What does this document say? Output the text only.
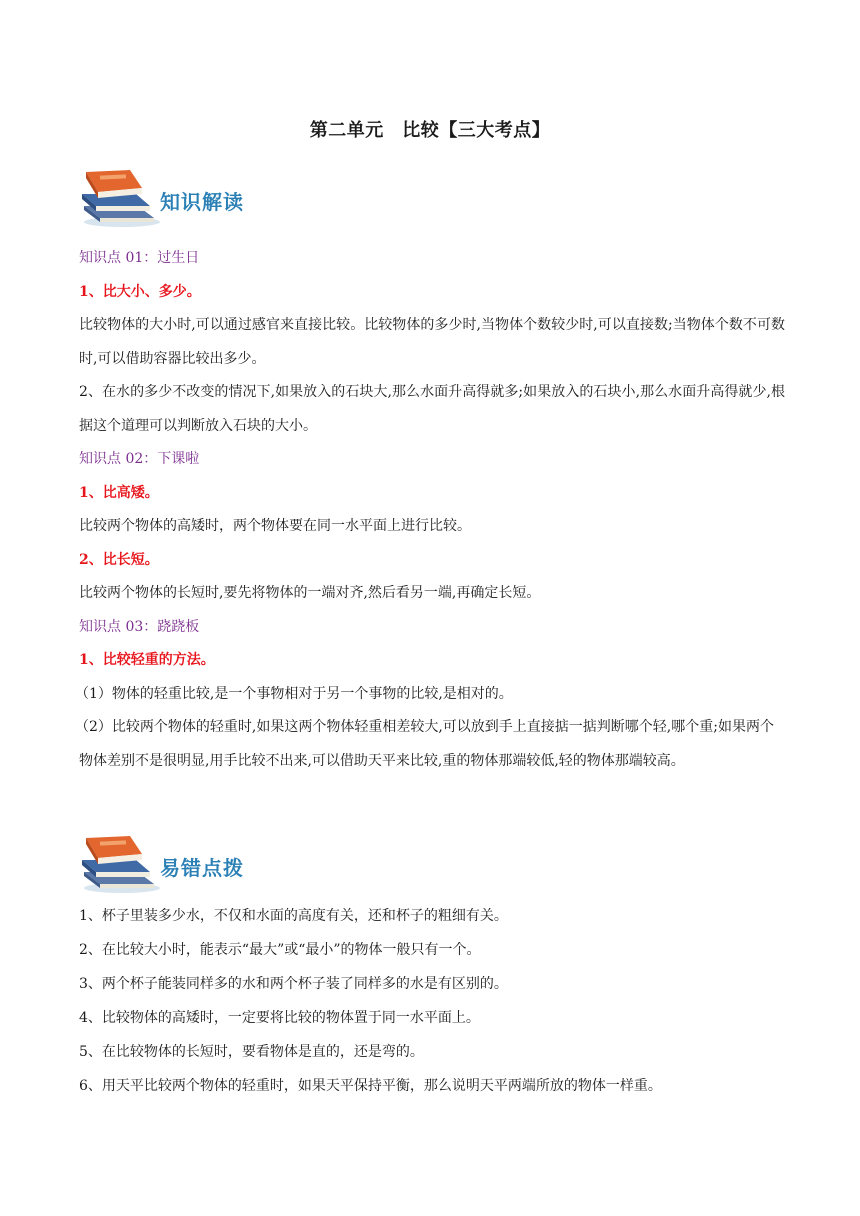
第二单元　比较【三大考点】
知识解读

知识点 01：过生日

1、比大小、多少。

比较物体的大小时,可以通过感官来直接比较。比较物体的多少时,当物体个数较少时,可以直接数;当物体个数不可数时,可以借助容器比较出多少。

2、在水的多少不改变的情况下,如果放入的石块大,那么水面升高得就多;如果放入的石块小,那么水面升高得就少,根据这个道理可以判断放入石块的大小。

知识点 02：下课啦

1、比高矮。

比较两个物体的高矮时，两个物体要在同一水平面上进行比较。

2、比长短。

比较两个物体的长短时,要先将物体的一端对齐,然后看另一端,再确定长短。

知识点 03：跷跷板

1、比较轻重的方法。

（1）物体的轻重比较,是一个事物相对于另一个事物的比较,是相对的。

（2）比较两个物体的轻重时,如果这两个物体轻重相差较大,可以放到手上直接掂一掂判断哪个轻,哪个重;如果两个物体差别不是很明显,用手比较不出来,可以借助天平来比较,重的物体那端较低,轻的物体那端较高。

易错点拨

1、杯子里装多少水，不仅和水面的高度有关，还和杯子的粗细有关。

2、在比较大小时，能表示“最大”或“最小”的物体一般只有一个。

3、两个杯子能装同样多的水和两个杯子装了同样多的水是有区别的。

4、比较物体的高矮时，一定要将比较的物体置于同一水平面上。

5、在比较物体的长短时，要看物体是直的，还是弯的。

6、用天平比较两个物体的轻重时，如果天平保持平衡，那么说明天平两端所放的物体一样重。
